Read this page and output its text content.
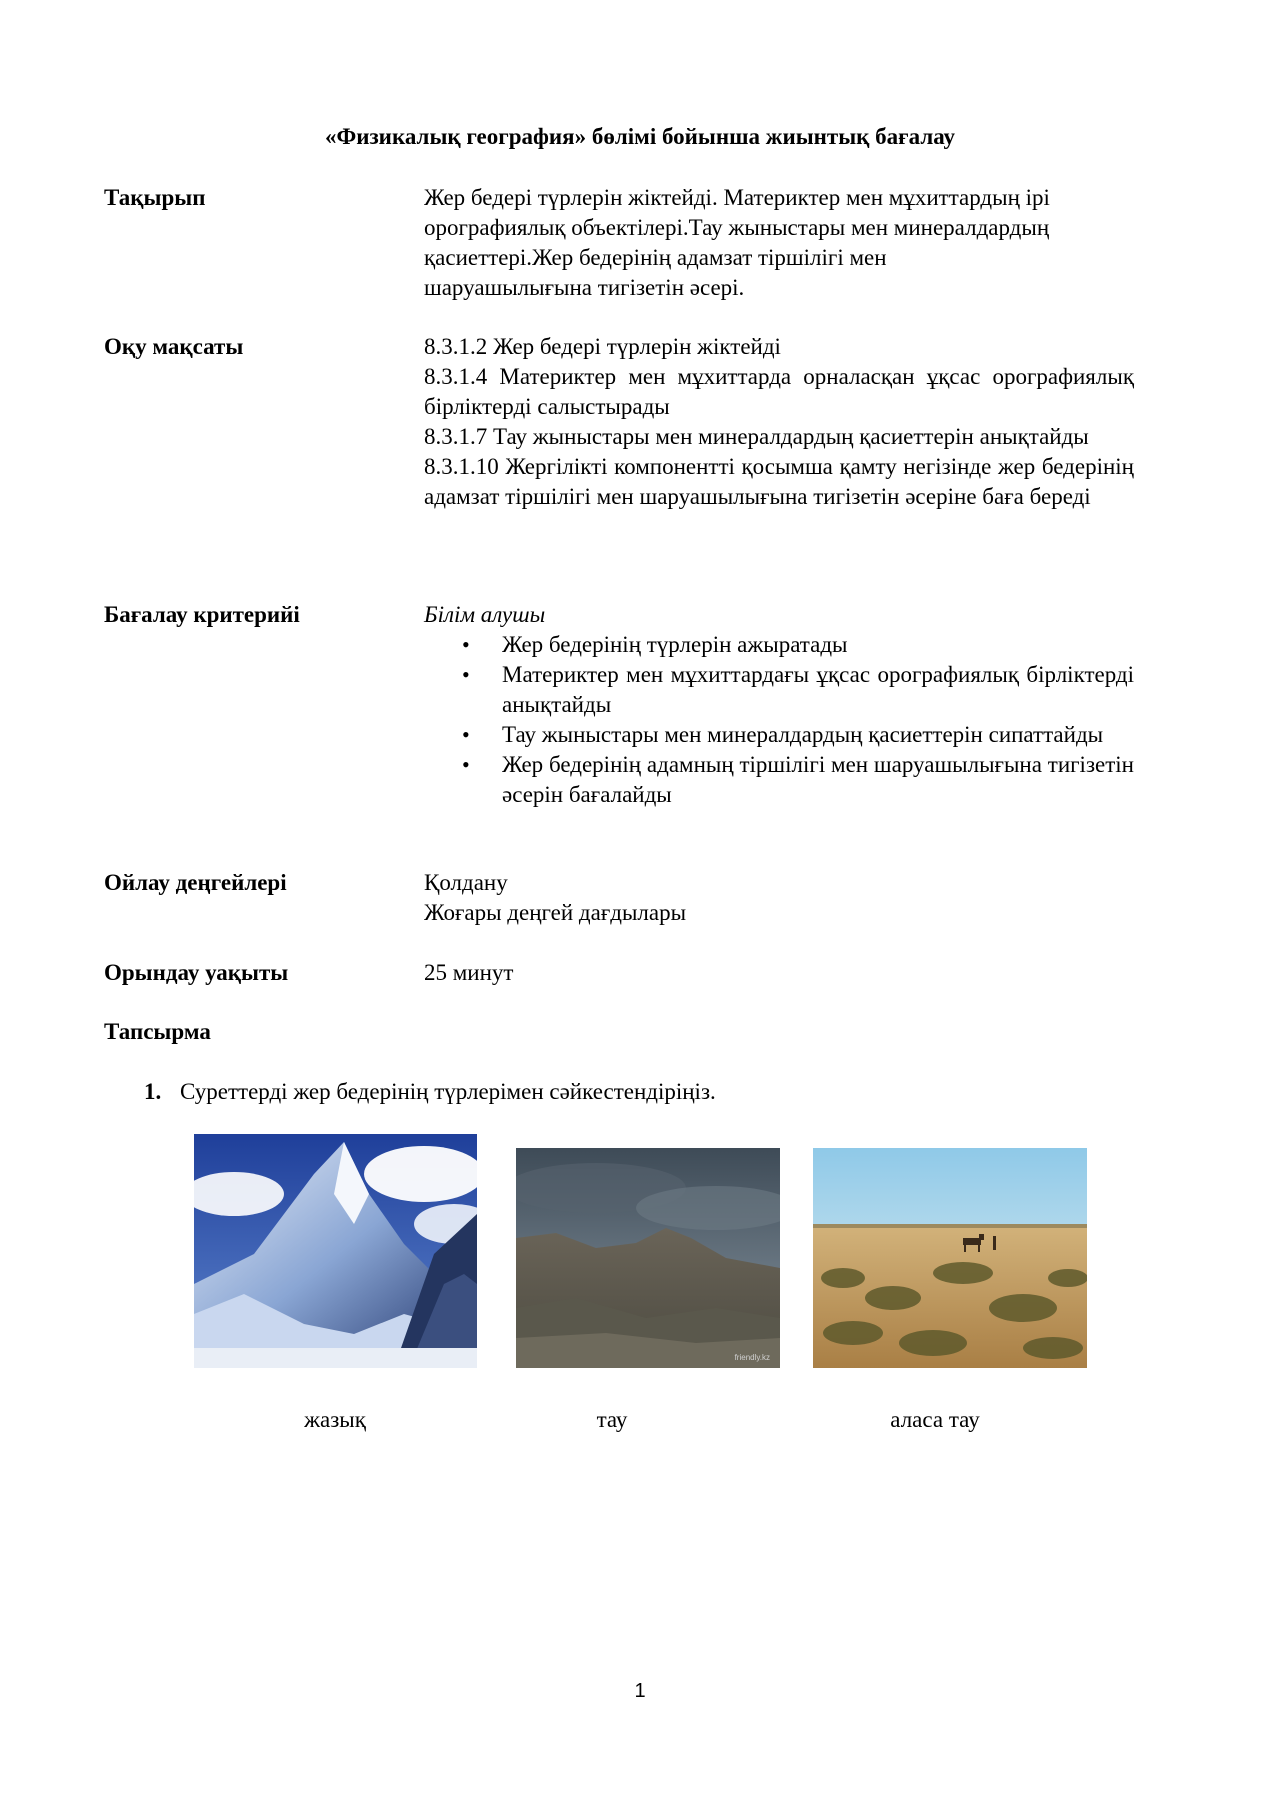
«Физикалық география» бөлімі бойынша жиынтық бағалау
Тақырып	Жер бедері түрлерін жіктейді. Материктер мен мұхиттардың ірі
орографиялық объектілері.Тау жыныстары мен минералдардың
қасиеттері.Жер бедерінің адамзат тіршілігі мен
шаруашылығына тигізетін әсері.
Оқу мақсаты	8.3.1.2 Жер бедері түрлерін жіктейді
8.3.1.4 Материктер мен мұхиттарда орналасқан ұқсас орографиялық бірліктерді салыстырады
8.3.1.7 Тау жыныстары мен минералдардың қасиеттерін анықтайды
8.3.1.10 Жергілікті компонентті қосымша қамту негізінде жер бедерінің адамзат тіршілігі мен шаруашылығына тигізетін әсеріне баға береді
Бағалау критерийі	Білім алушы
• Жер бедерінің түрлерін ажыратады
• Материктер мен мұхиттардағы ұқсас орографиялық бірліктерді анықтайды
• Тау жыныстары мен минералдардың қасиеттерін сипаттайды
• Жер бедерінің адамның тіршілігі мен шаруашылығына тигізетін әсерін бағалайды
Ойлау деңгейлері	Қолдану
Жоғары деңгей дағдылары
Орындау уақыты	25 минут
Тапсырма
1. Суреттерді жер бедерінің түрлерімен сәйкестендіріңіз.
friendly.kz
жазық	тау	аласа тау
1
